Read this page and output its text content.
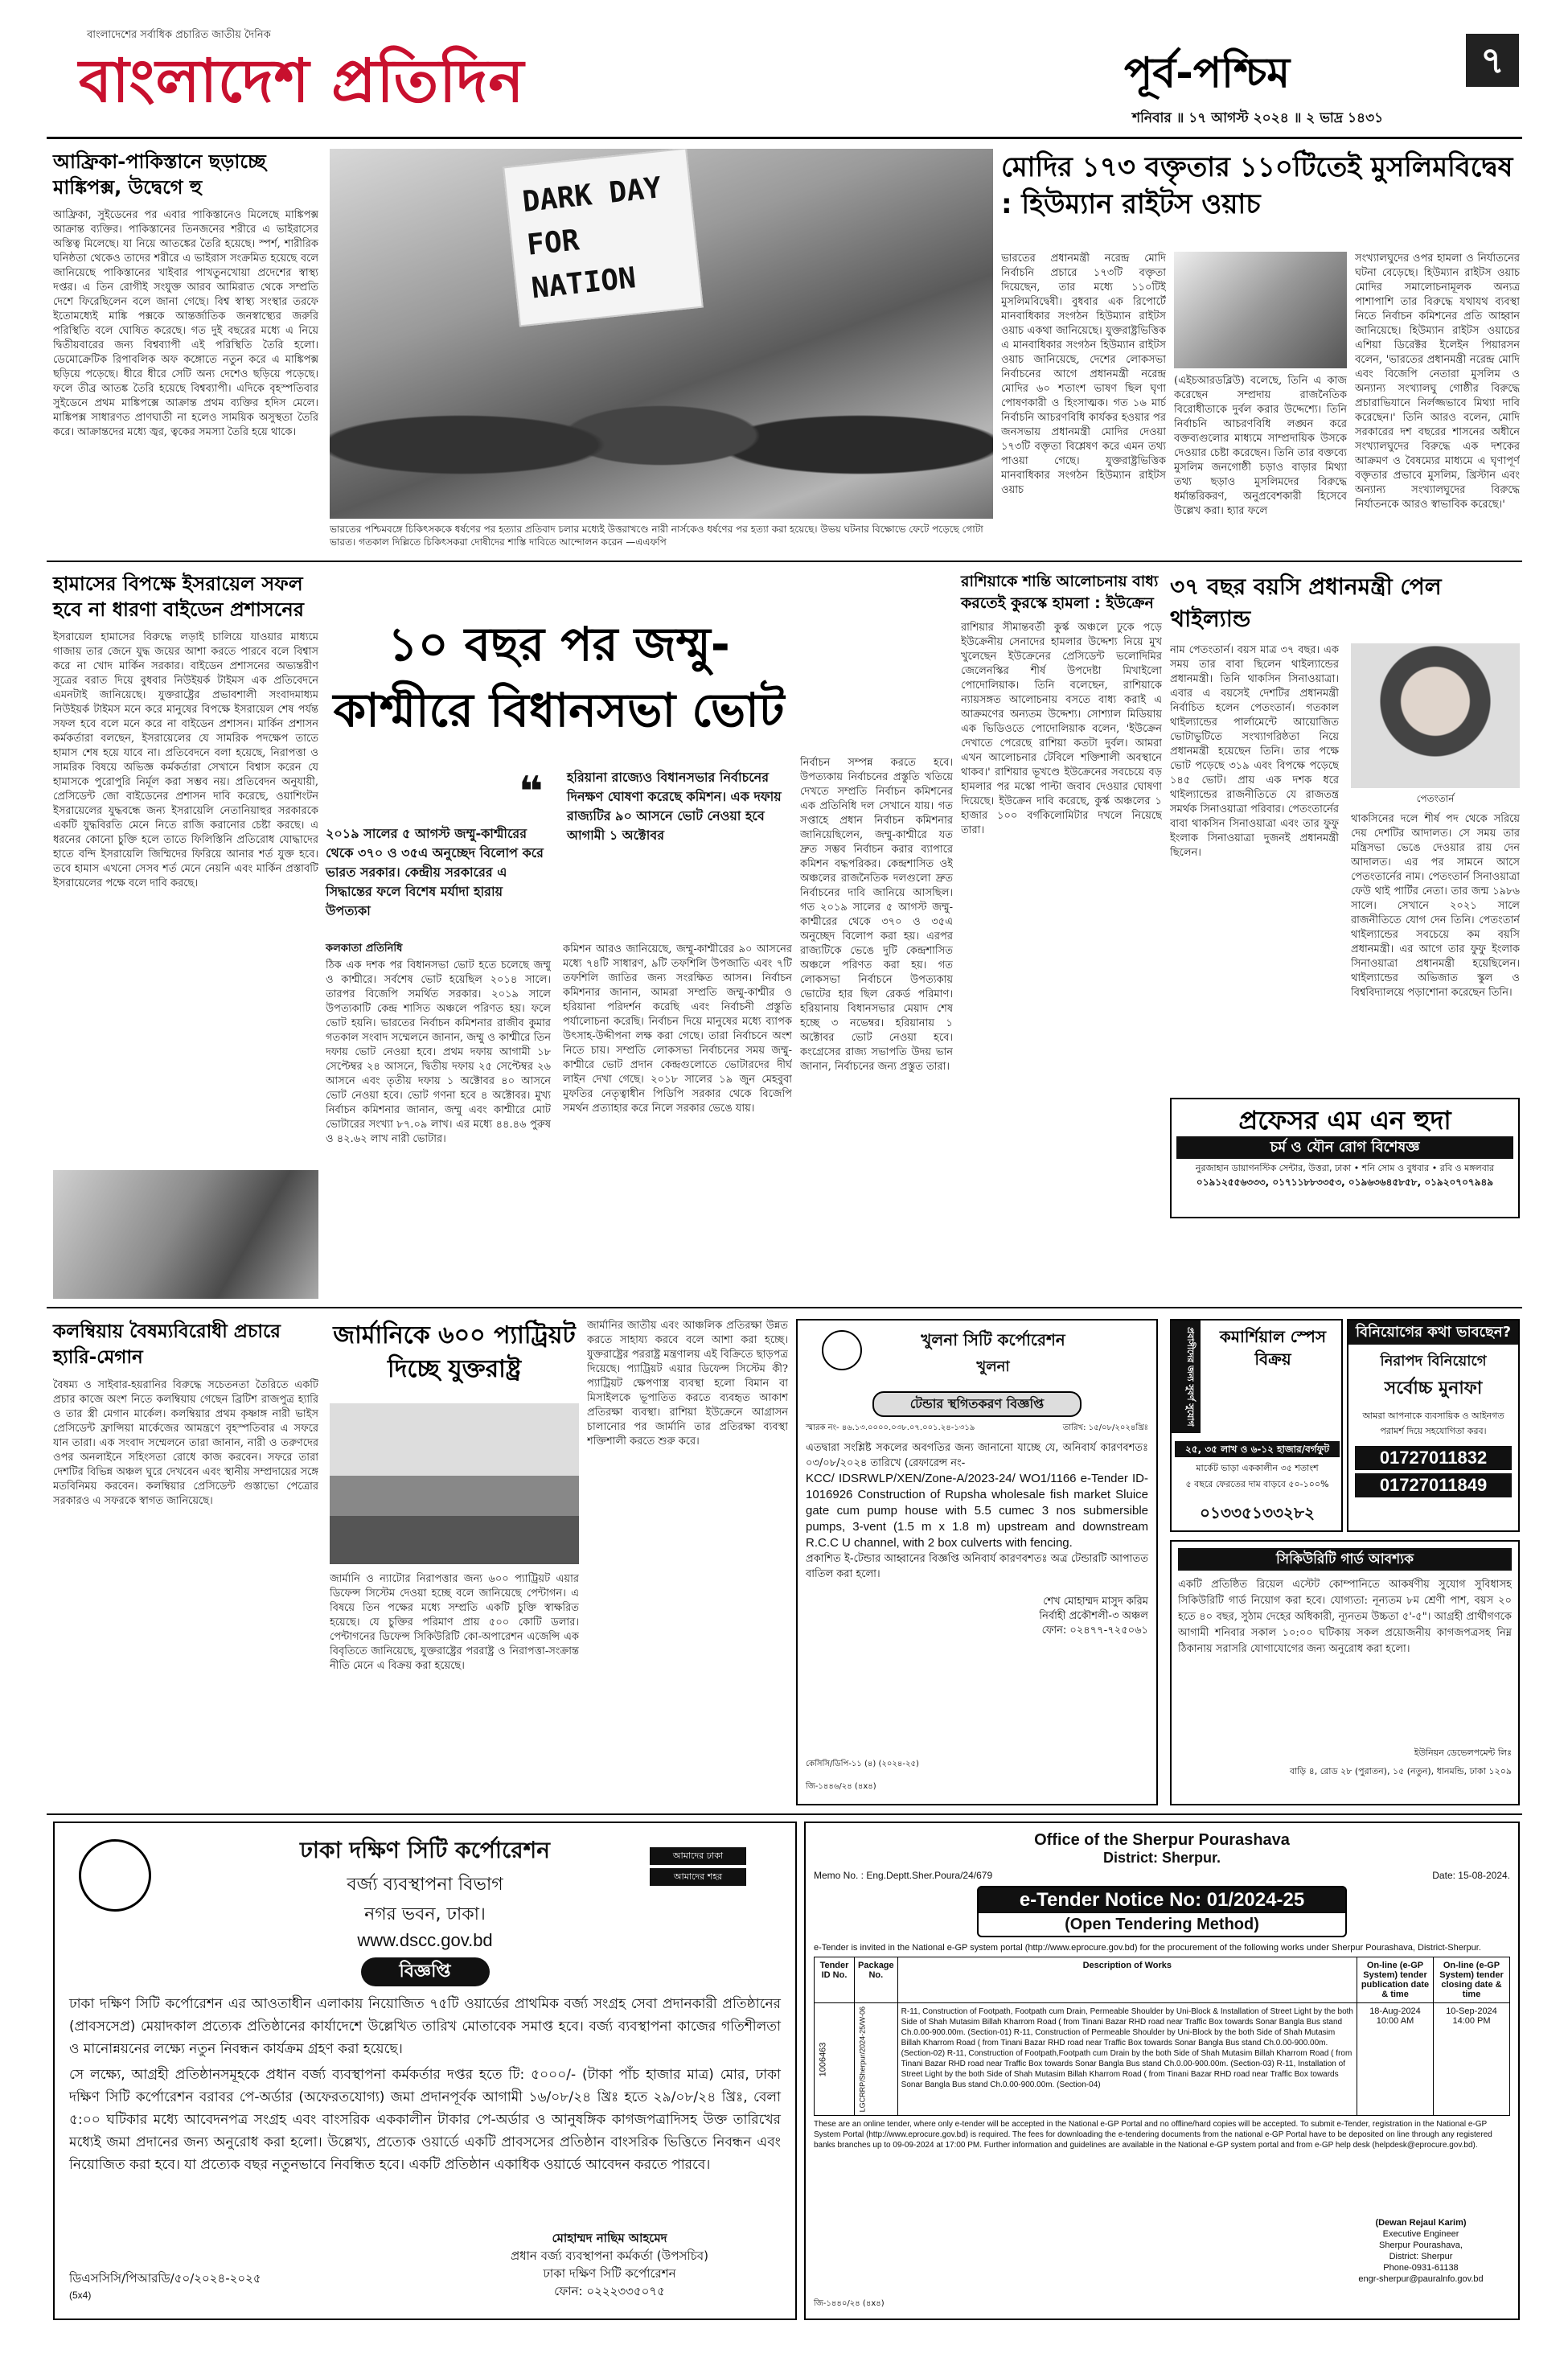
বাংলাদেশের সর্বাধিক প্রচারিত জাতীয় দৈনিক
বাংলাদেশ প্রতিদিন	পূর্ব-পশ্চিম	৭
শনিবার ॥ ১৭ আগস্ট ২০২৪ ॥ ২ ভাদ্র ১৪৩১
আফ্রিকা-পাকিস্তানে ছড়াচ্ছে মাঙ্কিপক্স, উদ্বেগে হু
আফ্রিকা, সুইডেনের পর এবার পাকিস্তানেও মিলেছে মাঙ্কিপক্স আক্রান্ত ব্যক্তির। পাকিস্তানের তিনজনের শরীরে এ ভাইরাসের অস্তিত্ব মিলেছে। যা নিয়ে আতঙ্কের তৈরি হয়েছে। স্পর্শ, শারীরিক ঘনিষ্ঠতা থেকেও তাদের শরীরে এ ভাইরাস সংক্রমিত হয়েছে বলে জানিয়েছে পাকিস্তানের খাইবার পাখতুনখোয়া প্রদেশের স্বাস্থ্য দপ্তর। এ তিন রোগীই সংযুক্ত আরব আমিরাত থেকে সম্প্রতি দেশে ফিরেছিলেন বলে জানা গেছে। বিশ্ব স্বাস্থ্য সংস্থার তরফে ইতোমধ্যেই মাঙ্কি পক্সকে আন্তর্জাতিক জনস্বাস্থ্যের জরুরি পরিস্থিতি বলে ঘোষিত করেছে। গত দুই বছরের মধ্যে এ নিয়ে দ্বিতীয়বারের জন্য বিশ্বব্যাপী এই পরিস্থিতি তৈরি হলো। ডেমোক্রেটিক রিপাবলিক অফ কঙ্গোতে নতুন করে এ মাঙ্কিপক্স ছড়িয়ে পড়েছে। ধীরে ধীরে সেটি অন্য দেশেও ছড়িয়ে পড়েছে। ফলে তীব্র আতঙ্ক তৈরি হয়েছে বিশ্বব্যাপী। এদিকে বৃহস্পতিবার সুইডেনে প্রথম মাঙ্কিপক্সে আক্রান্ত প্রথম ব্যক্তির হদিস মেলে। মাঙ্কিপক্স সাধারণত প্রাণঘাতী না হলেও সাময়িক অসুস্থতা তৈরি করে। আক্রান্তদের মধ্যে জ্বর, ত্বকের সমস্যা তৈরি হয়ে থাকে।
DARK DAY FOR NATION
ভারতের পশ্চিমবঙ্গে চিকিৎসককে ধর্ষণের পর হত্যার প্রতিবাদ চলার মধ্যেই উত্তরাখণ্ডে নারী নার্সকেও ধর্ষণের পর হত্যা করা হয়েছে। উভয় ঘটনার বিক্ষোভে ফেটে পড়েছে গোটা ভারত। গতকাল দিল্লিতে চিকিৎসকরা দোষীদের শাস্তি দাবিতে আন্দোলন করেন —এএফপি
মোদির ১৭৩ বক্তৃতার ১১০টিতেই মুসলিমবিদ্বেষ : হিউম্যান রাইটস ওয়াচ
ভারতের প্রধানমন্ত্রী নরেন্দ্র মোদি নির্বাচনি প্রচারে ১৭৩টি বক্তৃতা দিয়েছেন, তার মধ্যে ১১০টিই মুসলিমবিদ্বেষী। বুধবার এক রিপোর্টে মানবাধিকার সংগঠন হিউম্যান রাইটস ওয়াচ একথা জানিয়েছে। যুক্তরাষ্ট্রভিত্তিক এ মানবাধিকার সংগঠন হিউম্যান রাইটস ওয়াচ জানিয়েছে, দেশের লোকসভা নির্বাচনের আগে প্রধানমন্ত্রী নরেন্দ্র মোদির ৬০ শতাংশ ভাষণ ছিল ঘৃণা পোষণকারী ও হিংসাত্মক। গত ১৬ মার্চ নির্বাচনি আচরণবিধি কার্যকর হওয়ার পর জনসভায় প্রধানমন্ত্রী মোদির দেওয়া ১৭৩টি বক্তৃতা বিশ্লেষণ করে এমন তথ্য পাওয়া গেছে। যুক্তরাষ্ট্রভিত্তিক মানবাধিকার সংগঠন হিউম্যান রাইটস ওয়াচ
(এইচআরডব্লিউ) বলেছে, তিনি এ কাজ করেছেন সম্প্রদায় রাজনৈতিক বিরোধীতাকে দুর্বল করার উদ্দেশ্যে। তিনি নির্বাচনি আচরণবিধি লঙ্ঘন করে বক্তব্যগুলোর মাধ্যমে সাম্প্রদায়িক উসকে দেওয়ার চেষ্টা করেছেন। তিনি তার বক্তব্যে মুসলিম জনগোষ্ঠী চড়াও বাড়ার মিথ্যা তথ্য ছড়াও মুসলিমদের বিরুদ্ধে ধর্মান্তরিকরণ, অনুপ্রবেশকারী হিসেবে উল্লেখ করা। হ্যার ফলে
সংখ্যালঘুদের ওপর হামলা ও নির্যাতনের ঘটনা বেড়েছে। হিউম্যান রাইটস ওয়াচ মোদির সমালোচনামূলক অন্যত্র পাশাপাশি তার বিরুদ্ধে যথাযথ ব্যবস্থা নিতে নির্বাচন কমিশনের প্রতি আহ্বান জানিয়েছে। হিউম্যান রাইটস ওয়াচের এশিয়া ডিরেক্টর ইলেইন পিয়ারসন বলেন, 'ভারতের প্রধানমন্ত্রী নরেন্দ্র মোদি এবং বিজেপি নেতারা মুসলিম ও অন্যান্য সংখ্যালঘু গোষ্ঠীর বিরুদ্ধে প্রচারাভিযানে নির্লজ্জভাবে মিথ্যা দাবি করেছেন।' তিনি আরও বলেন, মোদি সরকারের দশ বছরের শাসনের অধীনে সংখ্যালঘুদের বিরুদ্ধে এক দশকের আক্রমণ ও বৈষম্যের মাধ্যমে এ ঘৃণাপূর্ণ বক্তৃতার প্রভাবে মুসলিম, খ্রিস্টান এবং অন্যান্য সংখ্যালঘুদের বিরুদ্ধে নির্যাতনকে আরও স্বাভাবিক করেছে।'
হামাসের বিপক্ষে ইসরায়েল সফল হবে না ধারণা বাইডেন প্রশাসনের
ইসরায়েল হামাসের বিরুদ্ধে লড়াই চালিয়ে যাওয়ার মাধ্যমে গাজায় তার জেনে যুদ্ধ জয়ের আশা করতে পারবে বলে বিশ্বাস করে না খোদ মার্কিন সরকার। বাইডেন প্রশাসনের অভ্যন্তরীণ সূত্রের বরাত দিয়ে বুধবার নিউইয়র্ক টাইমস এক প্রতিবেদনে এমনটাই জানিয়েছে। যুক্তরাষ্ট্রের প্রভাবশালী সংবাদমাধ্যম নিউইয়র্ক টাইমস মনে করে মানুষের বিপক্ষে ইসরায়েল শেষ পর্যন্ত সফল হবে বলে মনে করে না বাইডেন প্রশাসন। মার্কিন প্রশাসন কর্মকর্তারা বলছেন, ইসরায়েলের যে সামরিক পদক্ষেপ তাতে হামাস শেষ হয়ে যাবে না। প্রতিবেদনে বলা হয়েছে, নিরাপত্তা ও সামরিক বিষয়ে অভিজ্ঞ কর্মকর্তারা সেখানে বিশ্বাস করেন যে হামাসকে পুরোপুরি নির্মূল করা সম্ভব নয়। প্রতিবেদন অনুযায়ী, প্রেসিডেন্ট জো বাইডেনের প্রশাসন দাবি করেছে, ওয়াশিংটন ইসরায়েলের যুদ্ধবন্ধে জন্য ইসরায়েলি নেতানিয়াহুর সরকারকে একটি যুদ্ধবিরতি মেনে নিতে রাজি করানোর চেষ্টা করছে। এ ধরনের কোনো চুক্তি হলে তাতে ফিলিস্তিনি প্রতিরোধ যোদ্ধাদের হাতে বন্দি ইসরায়েলি জিম্মিদের ফিরিয়ে আনার শর্ত যুক্ত হবে। তবে হামাস এখনো সেসব শর্ত মেনে নেয়নি এবং মার্কিন প্রস্তাবটি ইসরায়েলের পক্ষে বলে দাবি করছে।
১০ বছর পর জম্মু-কাশ্মীরে বিধানসভা ভোট
❝
২০১৯ সালের ৫ আগস্ট জম্মু-কাশ্মীরের থেকে ৩৭০ ও ৩৫এ অনুচ্ছেদ বিলোপ করে ভারত সরকার। কেন্দ্রীয় সরকারের এ সিদ্ধান্তের ফলে বিশেষ মর্যাদা হারায় উপত্যকা
হরিয়ানা রাজ্যেও বিধানসভার নির্বাচনের দিনক্ষণ ঘোষণা করেছে কমিশন। এক দফায় রাজ্যটির ৯০ আসনে ভোট নেওয়া হবে আগামী ১ অক্টোবর
কলকাতা প্রতিনিধি
ঠিক এক দশক পর বিধানসভা ভোট হতে চলেছে জম্মু ও কাশ্মীরে। সর্বশেষ ভোট হয়েছিল ২০১৪ সালে। তারপর বিজেপি সমর্থিত সরকার। ২০১৯ সালে উপত্যকাটি কেন্দ্র শাসিত অঞ্চলে পরিণত হয়। ফলে ভোট হয়নি। ভারতের নির্বাচন কমিশনার রাজীব কুমার গতকাল সংবাদ সম্মেলনে জানান, জম্মু ও কাশ্মীরে তিন দফায় ভোট নেওয়া হবে। প্রথম দফায় আগামী ১৮ সেপ্টেম্বর ২৪ আসনে, দ্বিতীয় দফায় ২৫ সেপ্টেম্বর ২৬ আসনে এবং তৃতীয় দফায় ১ অক্টোবর ৪০ আসনে ভোট নেওয়া হবে। ভোট গণনা হবে ৪ অক্টোবর। মুখ্য নির্বাচন কমিশনার জানান, জম্মু এবং কাশ্মীরে মোট ভোটারের সংখ্যা ৮৭.০৯ লাখ। এর মধ্যে ৪৪.৪৬ পুরুষ ও ৪২.৬২ লাখ নারী ভোটার।
কমিশন আরও জানিয়েছে, জম্মু-কাশ্মীরের ৯০ আসনের মধ্যে ৭৪টি সাধারণ, ৯টি তফশিলি উপজাতি এবং ৭টি তফশিলি জাতির জন্য সংরক্ষিত আসন। নির্বাচন কমিশনার জানান, আমরা সম্প্রতি জম্মু-কাশ্মীর ও হরিয়ানা পরিদর্শন করেছি এবং নির্বাচনী প্রস্তুতি পর্যালোচনা করেছি। নির্বাচন দিয়ে মানুষের মধ্যে ব্যাপক উৎসাহ-উদ্দীপনা লক্ষ করা গেছে। তারা নির্বাচনে অংশ নিতে চায়। সম্প্রতি লোকসভা নির্বাচনের সময় জম্মু-কাশ্মীরে ভোট প্রদান কেন্দ্রগুলোতে ভোটারদের দীর্ঘ লাইন দেখা গেছে। ২০১৮ সালের ১৯ জুন মেহবুবা মুফতির নেতৃত্বাধীন পিডিপি সরকার থেকে বিজেপি সমর্থন প্রত্যাহার করে নিলে সরকার ভেঙে যায়।
নির্বাচন সম্পন্ন করতে হবে। উপত্যকায় নির্বাচনের প্রস্তুতি খতিয়ে দেখতে সম্প্রতি নির্বাচন কমিশনের এক প্রতিনিধি দল সেখানে যায়। গত সপ্তাহে প্রধান নির্বাচন কমিশনার জানিয়েছিলেন, জম্মু-কাশ্মীরে যত দ্রুত সম্ভব নির্বাচন করার ব্যাপারে কমিশন বদ্ধপরিকর। কেন্দ্রশাসিত ওই অঞ্চলের রাজনৈতিক দলগুলো দ্রুত নির্বাচনের দাবি জানিয়ে আসছিল। গত ২০১৯ সালের ৫ আগস্ট জম্মু-কাশ্মীরের থেকে ৩৭০ ও ৩৫এ অনুচ্ছেদ বিলোপ করা হয়। এরপর রাজ্যটিকে ভেঙে দুটি কেন্দ্রশাসিত অঞ্চলে পরিণত করা হয়। গত লোকসভা নির্বাচনে উপত্যকায় ভোটের হার ছিল রেকর্ড পরিমাণ। হরিয়ানায় বিধানসভার মেয়াদ শেষ হচ্ছে ৩ নভেম্বর। হরিয়ানায় ১ অক্টোবর ভোট নেওয়া হবে। কংগ্রেসের রাজ্য সভাপতি উদয় ভান জানান, নির্বাচনের জন্য প্রস্তুত তারা।
রাশিয়াকে শান্তি আলোচনায় বাধ্য করতেই কুরস্কে হামলা : ইউক্রেন
রাশিয়ার সীমান্তবর্তী কুর্স্ক অঞ্চলে ঢুকে পড়ে ইউক্রেনীয় সেনাদের হামলার উদ্দেশ্য নিয়ে মুখ খুলেছেন ইউক্রেনের প্রেসিডেন্ট ভলোদিমির জেলেনস্কির শীর্ষ উপদেষ্টা মিখাইলো পোদোলিয়াক। তিনি বলেছেন, রাশিয়াকে ন্যায়সঙ্গত আলোচনায় বসতে বাধ্য করাই এ আক্রমণের অন্যতম উদ্দেশ্য। সোশ্যাল মিডিয়ায় এক ভিডিওতে পোদোলিয়াক বলেন, 'ইউক্রেন দেখাতে পেরেছে রাশিয়া কতটা দুর্বল। আমরা এখন আলোচনার টেবিলে শক্তিশালী অবস্থানে থাকব।' রাশিয়ার ভূখণ্ডে ইউক্রেনের সবচেয়ে বড় হামলার পর মস্কো পাল্টা জবাব দেওয়ার ঘোষণা দিয়েছে। ইউক্রেন দাবি করেছে, কুর্স্ক অঞ্চলের ১ হাজার ১০০ বর্গকিলোমিটার দখলে নিয়েছে তারা।
৩৭ বছর বয়সি প্রধানমন্ত্রী পেল থাইল্যান্ড
নাম পেতংতার্ন। বয়স মাত্র ৩৭ বছর। এক সময় তার বাবা ছিলেন থাইল্যান্ডের প্রধানমন্ত্রী। তিনি থাকসিন সিনাওয়াত্রা। এবার এ বয়সেই দেশটির প্রধানমন্ত্রী নির্বাচিত হলেন পেতংতার্ন। গতকাল থাইল্যান্ডের পার্লামেন্টে আয়োজিত ভোটাভুটিতে সংখ্যাগরিষ্ঠতা নিয়ে প্রধানমন্ত্রী হয়েছেন তিনি। তার পক্ষে ভোট পড়েছে ৩১৯ এবং বিপক্ষে পড়েছে ১৪৫ ভোট। প্রায় এক দশক ধরে থাইল্যান্ডের রাজনীতিতে যে রাজতন্ত্র সমর্থক সিনাওয়াত্রা পরিবার। পেতংতার্নের বাবা থাকসিন সিনাওয়াত্রা এবং তার ফুফু ইংলাক সিনাওয়াত্রা দুজনই প্রধানমন্ত্রী ছিলেন।
পেতংতার্ন
থাকসিনের দলে শীর্ষ পদ থেকে সরিয়ে দেয় দেশটির আদালত। সে সময় তার মন্ত্রিসভা ভেঙে দেওয়ার রায় দেন আদালত। এর পর সামনে আসে পেতংতার্নের নাম। পেতংতার্ন সিনাওয়াত্রা ফেউ থাই পার্টির নেতা। তার জন্ম ১৯৮৬ সালে। সেখানে ২০২১ সালে রাজনীতিতে যোগ দেন তিনি। পেতংতার্ন থাইল্যান্ডের সবচেয়ে কম বয়সি প্রধানমন্ত্রী। এর আগে তার ফুফু ইংলাক সিনাওয়াত্রা প্রধানমন্ত্রী হয়েছিলেন। থাইল্যান্ডের অভিজাত স্কুল ও বিশ্ববিদ্যালয়ে পড়াশোনা করেছেন তিনি।
প্রফেসর এম এন হুদা
চর্ম ও যৌন রোগ বিশেষজ্ঞ
নুরজাহান ডায়াগনস্টিক সেন্টার, উত্তরা, ঢাকা • শনি সোম ও বুধবার • রবি ও মঙ্গলবার
০১৯১২৫৫৬৩৩৩, ০১৭১১৮৮৩৩৫৩, ০১৯৬৩৬৪৫৮৫৮, ০১৯২০৭০৭৯৪৯
কলম্বিয়ায় বৈষম্যবিরোধী প্রচারে হ্যারি-মেগান
বৈষম্য ও সাইবার-হয়রানির বিরুদ্ধে সচেতনতা তৈরিতে একটি প্রচার কাজে অংশ নিতে কলম্বিয়ায় গেছেন ব্রিটিশ রাজপুত্র হ্যারি ও তার স্ত্রী মেগান মার্কেল। কলম্বিয়ার প্রথম কৃষ্ণাঙ্গ নারী ভাইস প্রেসিডেন্ট ফ্রান্সিয়া মার্কেজের আমন্ত্রণে বৃহস্পতিবার এ সফরে যান তারা। এক সংবাদ সম্মেলনে তারা জানান, নারী ও তরুণদের ওপর অনলাইনে সহিংসতা রোধে কাজ করবেন। সফরে তারা দেশটির বিভিন্ন অঞ্চল ঘুরে দেখবেন এবং স্থানীয় সম্প্রদায়ের সঙ্গে মতবিনিময় করবেন। কলম্বিয়ার প্রেসিডেন্ট গুস্তাভো পেত্রোর সরকারও এ সফরকে স্বাগত জানিয়েছে।
জার্মানিকে ৬০০ প্যাট্রিয়ট দিচ্ছে যুক্তরাষ্ট্র
জার্মানি ও ন্যাটোর নিরাপত্তার জন্য ৬০০ প্যাট্রিয়ট এয়ার ডিফেন্স সিস্টেম দেওয়া হচ্ছে বলে জানিয়েছে পেন্টাগন। এ বিষয়ে তিন পক্ষের মধ্যে সম্প্রতি একটি চুক্তি স্বাক্ষরিত হয়েছে। যে চুক্তির পরিমাণ প্রায় ৫০০ কোটি ডলার। পেন্টাগনের ডিফেন্স সিকিউরিটি কো-অপারেশন এজেন্সি এক বিবৃতিতে জানিয়েছে, যুক্তরাষ্ট্রের পররাষ্ট্র ও নিরাপত্তা-সংক্রান্ত নীতি মেনে এ বিক্রয় করা হয়েছে।
জার্মানির জাতীয় এবং আঞ্চলিক প্রতিরক্ষা উন্নত করতে সাহায্য করবে বলে আশা করা হচ্ছে। যুক্তরাষ্ট্রের পররাষ্ট্র মন্ত্রণালয় এই বিক্রিতে ছাড়পত্র দিয়েছে। প্যাট্রিয়ট এয়ার ডিফেন্স সিস্টেম কী? প্যাট্রিয়ট ক্ষেপণাস্ত্র ব্যবস্থা হলো বিমান বা মিসাইলকে ভূপাতিত করতে ব্যবহৃত আকাশ প্রতিরক্ষা ব্যবস্থা। রাশিয়া ইউক্রেনে আগ্রাসন চালানোর পর জার্মানি তার প্রতিরক্ষা ব্যবস্থা শক্তিশালী করতে শুরু করে।
খুলনা সিটি কর্পোরেশন
খুলনা
টেন্ডার স্থগিতকরণ বিজ্ঞপ্তি
স্মারক নং- ৪৬.১৩.০০০০.০৩৮.০৭.০০১.২৪-১৩১৯	তারিখ: ১৫/০৮/২০২৪খ্রিঃ
এতদ্বারা সংশ্লিষ্ট সকলের অবগতির জন্য জানানো যাচ্ছে যে, অনিবার্য কারণবশতঃ ০৩/০৮/২০২৪ তারিখে (রেফারেন্স নং-
KCC/ IDSRWLP/XEN/Zone-A/2023-24/ WO1/1166 e-Tender ID-1016926 Construction of Rupsha wholesale fish market Sluice gate cum pump house with 5.5 cumec 3 nos submersible pumps, 3-vent (1.5 m x 1.8 m) upstream and downstream R.C.C U channel, with 2 box culverts with fencing.
প্রকাশিত ই-টেন্ডার আহ্বানের বিজ্ঞপ্তি অনিবার্য কারণবশতঃ অত্র টেন্ডারটি আপাতত বাতিল করা হলো।
শেখ মোহাম্মদ মাসুদ করিম
নির্বাহী প্রকৌশলী-৩ অঞ্চল
ফোন: ০২৪৭৭-৭২৫০৬১
কেসিসি/ডিপি-১১ (৪) (২০২৪-২৫)
জি-১৪৪৬/২৪ (৪x৪)
প্রবাসীদের জন্য সুবর্ণ সুযোগ	কমার্শিয়াল স্পেস বিক্রয়
২৫, ৩৫ লাখ ও ৬-১২ হাজার/বর্গফুট
মার্কেট ভাড়া এককালীন ৩৫ শতাংশ
৫ বছরে ফেরতের দাম বাড়বে ৫০-১০০%
০১৩৩৫১৩৩২৮২
বিনিয়োগের কথা ভাবছেন?
নিরাপদ বিনিয়োগে
সর্বোচ্চ মুনাফা
আমরা আপনাকে ব্যবসায়িক ও আইনগত
পরামর্শ দিয়ে সহযোগিতা করব।
01727011832
01727011849
সিকিউরিটি গার্ড আবশ্যক
একটি প্রতিষ্ঠিত রিয়েল এস্টেট কোম্পানিতে আকর্ষণীয় সুযোগ সুবিধাসহ সিকিউরিটি গার্ড নিয়োগ করা হবে। যোগ্যতা: নূন্যতম ৮ম শ্রেণী পাশ, বয়স ২০ হতে ৪০ বছর, সুঠাম দেহের অধিকারী, ন্যূনতম উচ্চতা ৫'-৫"। আগ্রহী প্রার্থীগণকে আগামী শনিবার সকাল ১০:০০ ঘটিকায় সকল প্রয়োজনীয় কাগজপত্রসহ নিম্ন ঠিকানায় সরাসরি যোগাযোগের জন্য অনুরোধ করা হলো।
ইউনিয়ন ডেভেলপমেন্ট লিঃ
বাড়ি ৪, রোড ২৮ (পুরাতন), ১৫ (নতুন), ধানমন্ডি, ঢাকা ১২০৯
আমাদের ঢাকা
আমাদের শহর
ঢাকা দক্ষিণ সিটি কর্পোরেশন
বর্জ্য ব্যবস্থাপনা বিভাগ
নগর ভবন, ঢাকা।
www.dscc.gov.bd
বিজ্ঞপ্তি
ঢাকা দক্ষিণ সিটি কর্পোরেশন এর আওতাধীন এলাকায় নিয়োজিত ৭৫টি ওয়ার্ডের প্রাথমিক বর্জ্য সংগ্রহ সেবা প্রদানকারী প্রতিষ্ঠানের (প্রাবসসেপ্র) মেয়াদকাল প্রত্যেক প্রতিষ্ঠানের কার্যাদেশে উল্লেখিত তারিখ মোতাবেক সমাপ্ত হবে। বর্জ্য ব্যবস্থাপনা কাজের গতিশীলতা ও মানোন্নয়নের লক্ষ্যে নতুন নিবন্ধন কার্যক্রম গ্রহণ করা হয়েছে।
সে লক্ষ্যে, আগ্রহী প্রতিষ্ঠানসমূহকে প্রধান বর্জ্য ব্যবস্থাপনা কর্মকর্তার দপ্তর হতে টি: ৫০০০/- (টাকা পাঁচ হাজার মাত্র) মোর, ঢাকা দক্ষিণ সিটি কর্পোরেশন বরাবর পে-অর্ডার (অফেরতযোগ্য) জমা প্রদানপূর্বক আগামী ১৬/০৮/২৪ খ্রিঃ হতে ২৯/০৮/২৪ খ্রিঃ, বেলা ৫:০০ ঘটিকার মধ্যে আবেদনপত্র সংগ্রহ এবং বাংসরিক এককালীন টাকার পে-অর্ডার ও আনুষঙ্গিক কাগজপত্রাদিসহ উক্ত তারিখের মধ্যেই জমা প্রদানের জন্য অনুরোধ করা হলো। উল্লেখ্য, প্রত্যেক ওয়ার্ডে একটি প্রাবসসের প্রতিষ্ঠান বাংসরিক ভিত্তিতে নিবন্ধন এবং নিয়োজিত করা হবে। যা প্রত্যেক বছর নতুনভাবে নিবন্ধিত হবে। একটি প্রতিষ্ঠান একাধিক ওয়ার্ডে আবেদন করতে পারবে।
মোহাম্মদ নাছিম আহমেদ
প্রধান বর্জ্য ব্যবস্থাপনা কর্মকর্তা (উপসচিব)
ঢাকা দক্ষিণ সিটি কর্পোরেশন
ফোন: ০২২২৩৩৫০৭৫
ডিএসসিসি/পিআরডি/৫০/২০২৪-২০২৫
(5x4)
Office of the Sherpur Pourashava
District: Sherpur.
Memo No. : Eng.Deptt.Sher.Poura/24/679	Date: 15-08-2024.
e-Tender Notice No: 01/2024-25
(Open Tendering Method)
e-Tender is invited in the National e-GP system portal (http://www.eprocure.gov.bd) for the procurement of the following works under Sherpur Pourashava, District-Sherpur.
Tender ID No.	Package No.	Description of Works	On-line (e-GP System) tender publication date & time	On-line (e-GP System) tender closing date & time
1006463	LGCRRP/Sherpur/2024-25/W-06	R-11, Construction of Footpath, Footpath cum Drain, Permeable Shoulder by Uni-Block & Installation of Street Light by the both Side of Shah Mutasim Billah Kharrom Road ( from Tinani Bazar RHD road near Traffic Box towards Sonar Bangla Bus stand Ch.0.00-900.00m. (Section-01) R-11, Construction of Permeable Shoulder by Uni-Block by the both Side of Shah Mutasim Billah Kharrom Road ( from Tinani Bazar RHD road near Traffic Box towards Sonar Bangla Bus stand Ch.0.00-900.00m. (Section-02) R-11, Construction of Footpath,Footpath cum Drain by the both Side of Shah Mutasim Billah Kharrom Road ( from Tinani Bazar RHD road near Traffic Box towards Sonar Bangla Bus stand Ch.0.00-900.00m. (Section-03) R-11, Installation of Street Light by the both Side of Shah Mutasim Billah Kharrom Road ( from Tinani Bazar RHD road near Traffic Box towards Sonar Bangla Bus stand Ch.0.00-900.00m. (Section-04)	18-Aug-2024 10:00 AM	10-Sep-2024 14:00 PM
These are an online tender, where only e-tender will be accepted in the National e-GP Portal and no offline/hard copies will be accepted. To submit e-Tender, registration in the National e-GP System Portal (http://www.eprocure.gov.bd) is required. The fees for downloading the e-tendering documents from the national e-GP Portal have to be deposited on line through any registered banks branches up to 09-09-2024 at 17:00 PM. Further information and guidelines are available in the National e-GP system portal and from e-GP help desk (helpdesk@eprocure.gov.bd).
(Dewan Rejaul Karim)
Executive Engineer
Sherpur Pourashava,
District: Sherpur
Phone-0931-61138
engr-sherpur@pauralnfo.gov.bd
জি-১৪৪০/২৪ (৪x৪)
